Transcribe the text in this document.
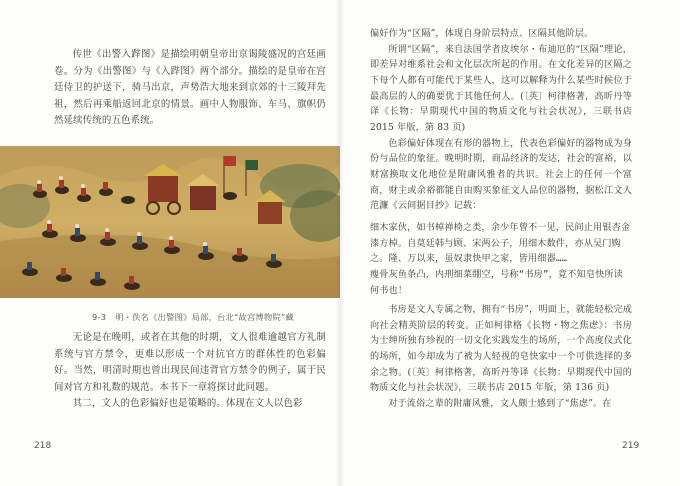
传世《出警入跸图》是描绘明朝皇帝出京谒陵盛况的宫廷画卷。分为《出警图》与《入跸图》两个部分。描绘的是皇帝在宫廷侍卫的护送下，骑马出京，声势浩大地来到京郊的十三陵拜先祖，然后再乘船返回北京的情景。画中人物服饰、车马、旗帜仍然延续传统的五色系统。

9-3 明・佚名《出警图》局部，台北“故宫博物院”藏

无论是在晚明，或者在其他的时期，文人很难逾越官方礼制系统与官方禁令，更难以形成一个对抗官方的群体性的色彩偏好。当然，明清时期也曾出现民间违背官方禁令的例子，属于民间对官方和礼数的规范。本书下一章将探讨此问题。

其二，文人的色彩偏好也是策略的。体现在文人以色彩

218

偏好作为“区隔”，体现自身阶层特点、区隔其他阶层。

所谓“区隔”，来自法国学者皮埃尔・布迪厄的“区隔”理论，即差异对维系社会和文化层次所起的作用。在文化差异的区隔之下每个人都有可能代于某些人，这可以解释为什么某些时候位于最高层的人的确要优于其他任何人。(〔英〕柯律格著，高昕丹等译《长物：早期现代中国的物质文化与社会状况》，三联书店 2015 年版，第 83 页)

色彩偏好体现在有形的器物上，代表色彩偏好的器物成为身份与品位的象征。晚明时期，商品经济的发达，社会的富裕，以财富换取文化地位是附庸风雅者的共识。社会上的任何一个富商，财主或余裕都能自由购买象征文人品位的器物，据松江文人范濂《云间据目抄》记载：

细木家伙，如书棹禅椅之类，余少年曾不一见，民间止用银杏金漆方棹。自莫廷韩与顾、宋两公子，用细木数件，亦从吴门购之。隆、万以来，虽奴隶快甲之家，皆用细器……
瘦骨灰鱼条凸，内刑细菜绷空，号称“书房”，竟不知皂快所读何书也！

书房是文人专属之物，拥有“书房”，明面上，就能轻松完成向社会精英阶层的转变。正如柯律格《长物・物之焦虑》：书房为士绅所独有珍视的一切文化实践发生的场所，一个高度仪式化的场所，如今却成为了被为人轻视的皂快家中一个可供选择的多余之物。(〔英〕柯律格著，高昕丹等译《长物：早期现代中国的物质文化与社会状况》，三联书店 2015 年版，第 136 页)

对于流俗之辈的附庸风雅，文人颇士感到了“焦虑”。在

219
